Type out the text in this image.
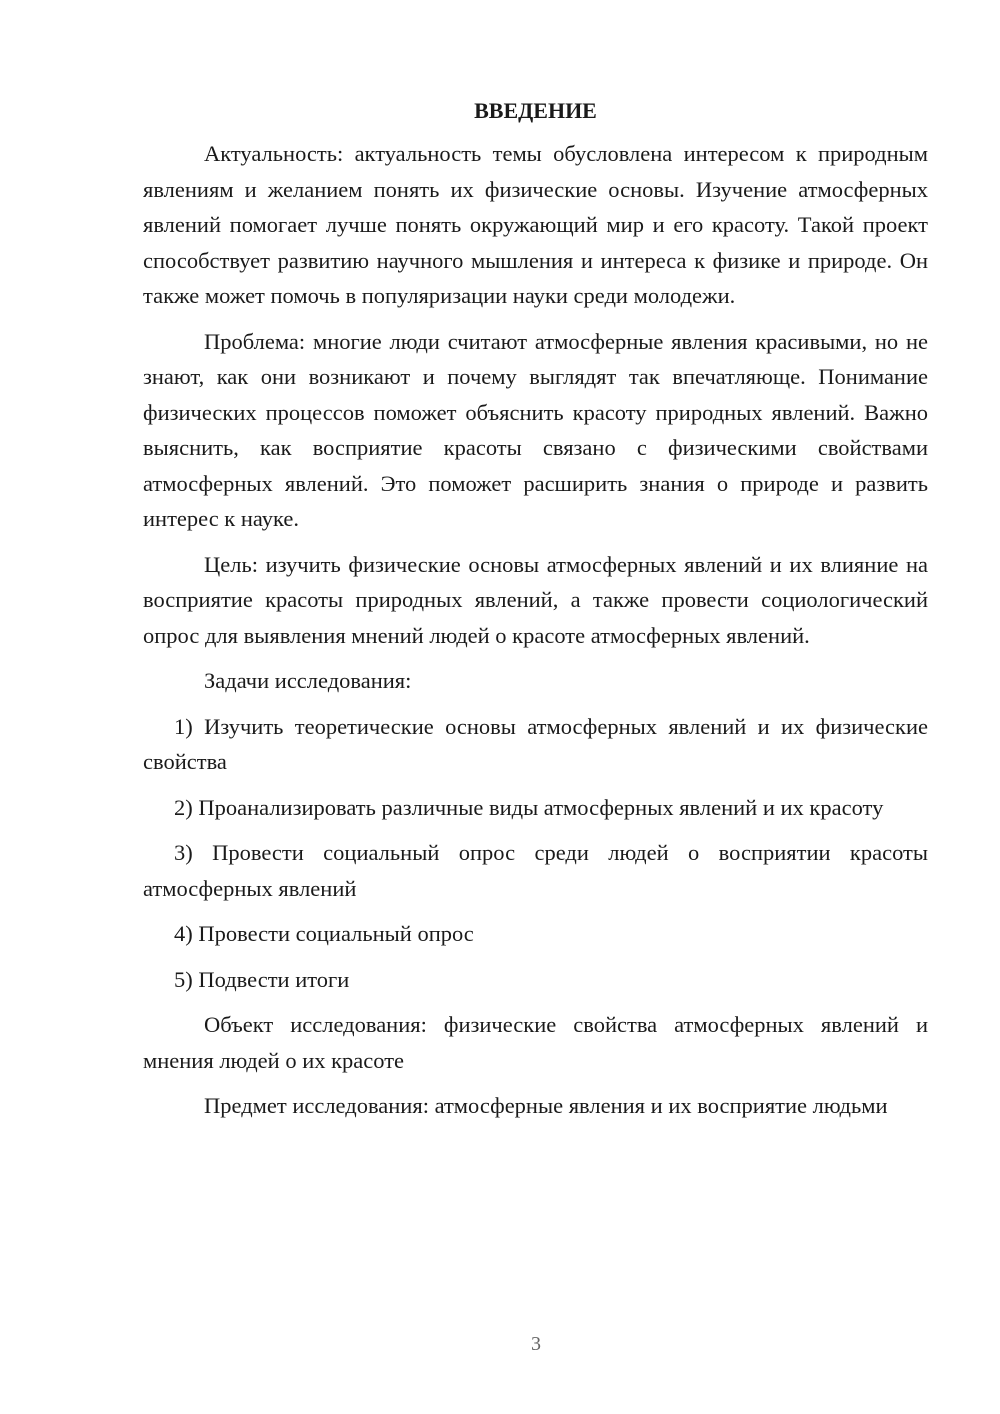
ВВЕДЕНИЕ

Актуальность: актуальность темы обусловлена интересом к природным явлениям и желанием понять их физические основы. Изучение атмосферных явлений помогает лучше понять окружающий мир и его красоту. Такой проект способствует развитию научного мышления и интереса к физике и природе. Он также может помочь в популяризации науки среди молодежи.

Проблема: многие люди считают атмосферные явления красивыми, но не знают, как они возникают и почему выглядят так впечатляюще. Понимание физических процессов поможет объяснить красоту природных явлений. Важно выяснить, как восприятие красоты связано с физическими свойствами атмосферных явлений. Это поможет расширить знания о природе и развить интерес к науке.

Цель: изучить физические основы атмосферных явлений и их влияние на восприятие красоты природных явлений, а также провести социологический опрос для выявления мнений людей о красоте атмосферных явлений.

Задачи исследования:

1) Изучить теоретические основы атмосферных явлений и их физические свойства

2) Проанализировать различные виды атмосферных явлений и их красоту

3) Провести социальный опрос среди людей о восприятии красоты атмосферных явлений

4) Провести социальный опрос

5) Подвести итоги

Объект исследования: физические свойства атмосферных явлений и мнения людей о их красоте

Предмет исследования: атмосферные явления и их восприятие людьми

3
